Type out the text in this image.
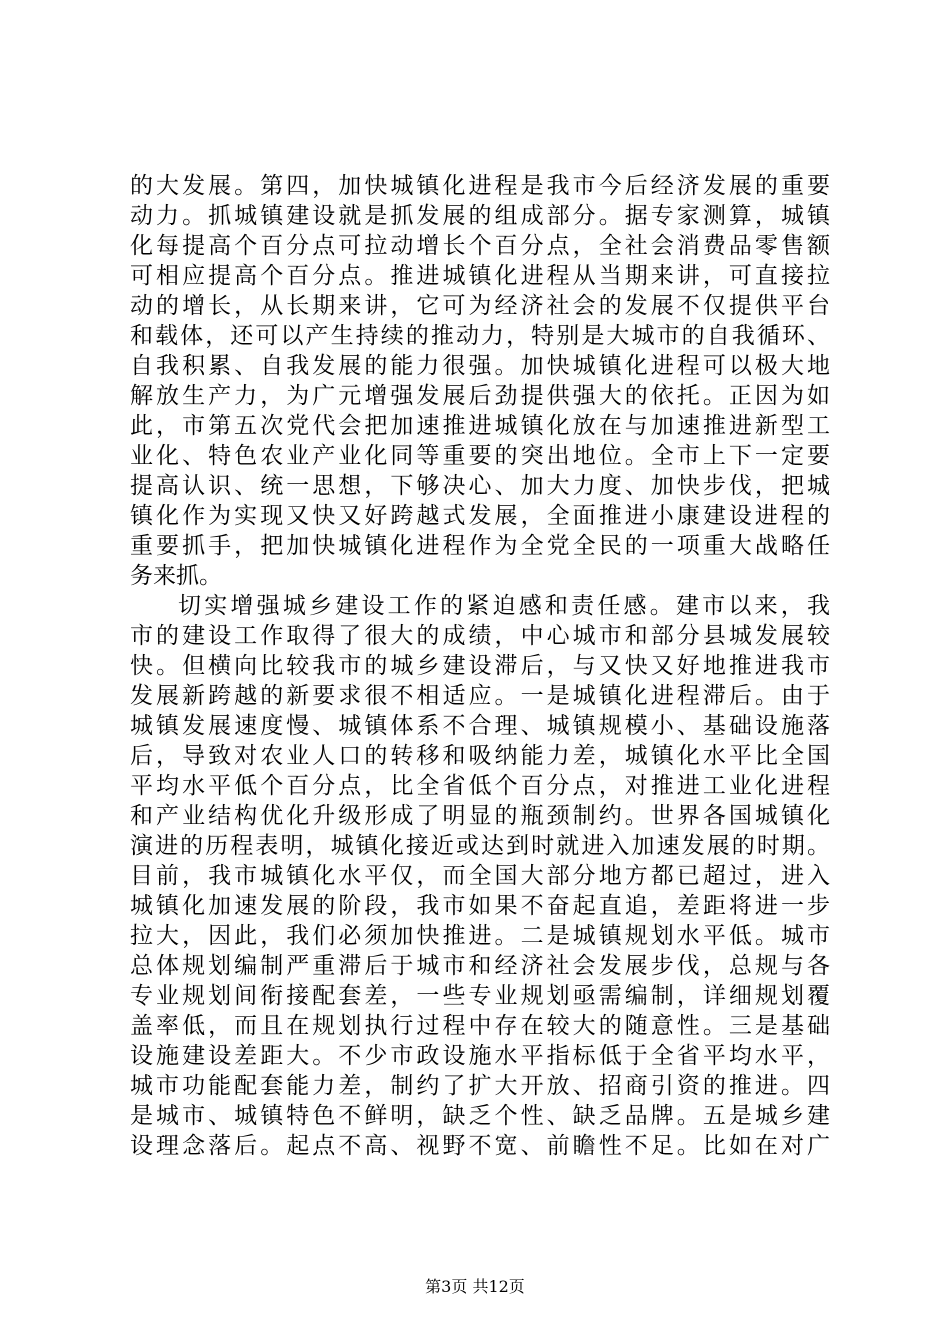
的大发展。第四，加快城镇化进程是我市今后经济发展的重要
动力。抓城镇建设就是抓发展的组成部分。据专家测算，城镇
化每提高个百分点可拉动增长个百分点，全社会消费品零售额
可相应提高个百分点。推进城镇化进程从当期来讲，可直接拉
动的增长，从长期来讲，它可为经济社会的发展不仅提供平台
和载体，还可以产生持续的推动力，特别是大城市的自我循环、
自我积累、自我发展的能力很强。加快城镇化进程可以极大地
解放生产力，为广元增强发展后劲提供强大的依托。正因为如
此，市第五次党代会把加速推进城镇化放在与加速推进新型工
业化、特色农业产业化同等重要的突出地位。全市上下一定要
提高认识、统一思想，下够决心、加大力度、加快步伐，把城
镇化作为实现又快又好跨越式发展，全面推进小康建设进程的
重要抓手，把加快城镇化进程作为全党全民的一项重大战略任
务来抓。
切实增强城乡建设工作的紧迫感和责任感。建市以来，我
市的建设工作取得了很大的成绩，中心城市和部分县城发展较
快。但横向比较我市的城乡建设滞后，与又快又好地推进我市
发展新跨越的新要求很不相适应。一是城镇化进程滞后。由于
城镇发展速度慢、城镇体系不合理、城镇规模小、基础设施落
后，导致对农业人口的转移和吸纳能力差，城镇化水平比全国
平均水平低个百分点，比全省低个百分点，对推进工业化进程
和产业结构优化升级形成了明显的瓶颈制约。世界各国城镇化
演进的历程表明，城镇化接近或达到时就进入加速发展的时期。
目前，我市城镇化水平仅，而全国大部分地方都已超过，进入
城镇化加速发展的阶段，我市如果不奋起直追，差距将进一步
拉大，因此，我们必须加快推进。二是城镇规划水平低。城市
总体规划编制严重滞后于城市和经济社会发展步伐，总规与各
专业规划间衔接配套差，一些专业规划亟需编制，详细规划覆
盖率低，而且在规划执行过程中存在较大的随意性。三是基础
设施建设差距大。不少市政设施水平指标低于全省平均水平，
城市功能配套能力差，制约了扩大开放、招商引资的推进。四
是城市、城镇特色不鲜明，缺乏个性、缺乏品牌。五是城乡建
设理念落后。起点不高、视野不宽、前瞻性不足。比如在对广
第3页 共12页
